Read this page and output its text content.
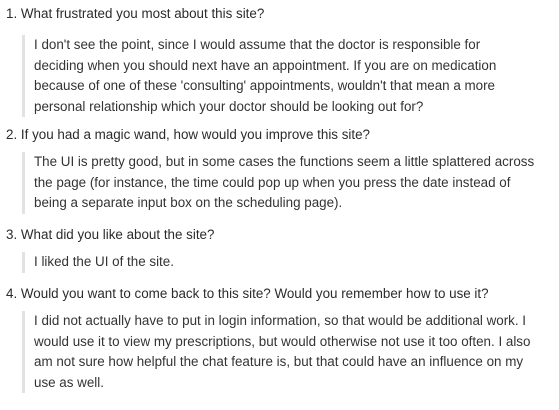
1. What frustrated you most about this site?

I don't see the point, since I would assume that the doctor is responsible for

deciding when you should next have an appointment. If you are on medication

because of one of these 'consulting' appointments, wouldn't that mean a more

personal relationship which your doctor should be looking out for?

2. If you had a magic wand, how would you improve this site?

The UI is pretty good, but in some cases the functions seem a little splattered across

the page (for instance, the time could pop up when you press the date instead of

being a separate input box on the scheduling page).

3. What did you like about the site?

I liked the UI of the site.

4. Would you want to come back to this site? Would you remember how to use it?

I did not actually have to put in login information, so that would be additional work. I

would use it to view my prescriptions, but would otherwise not use it too often. I also

am not sure how helpful the chat feature is, but that could have an influence on my

use as well.
